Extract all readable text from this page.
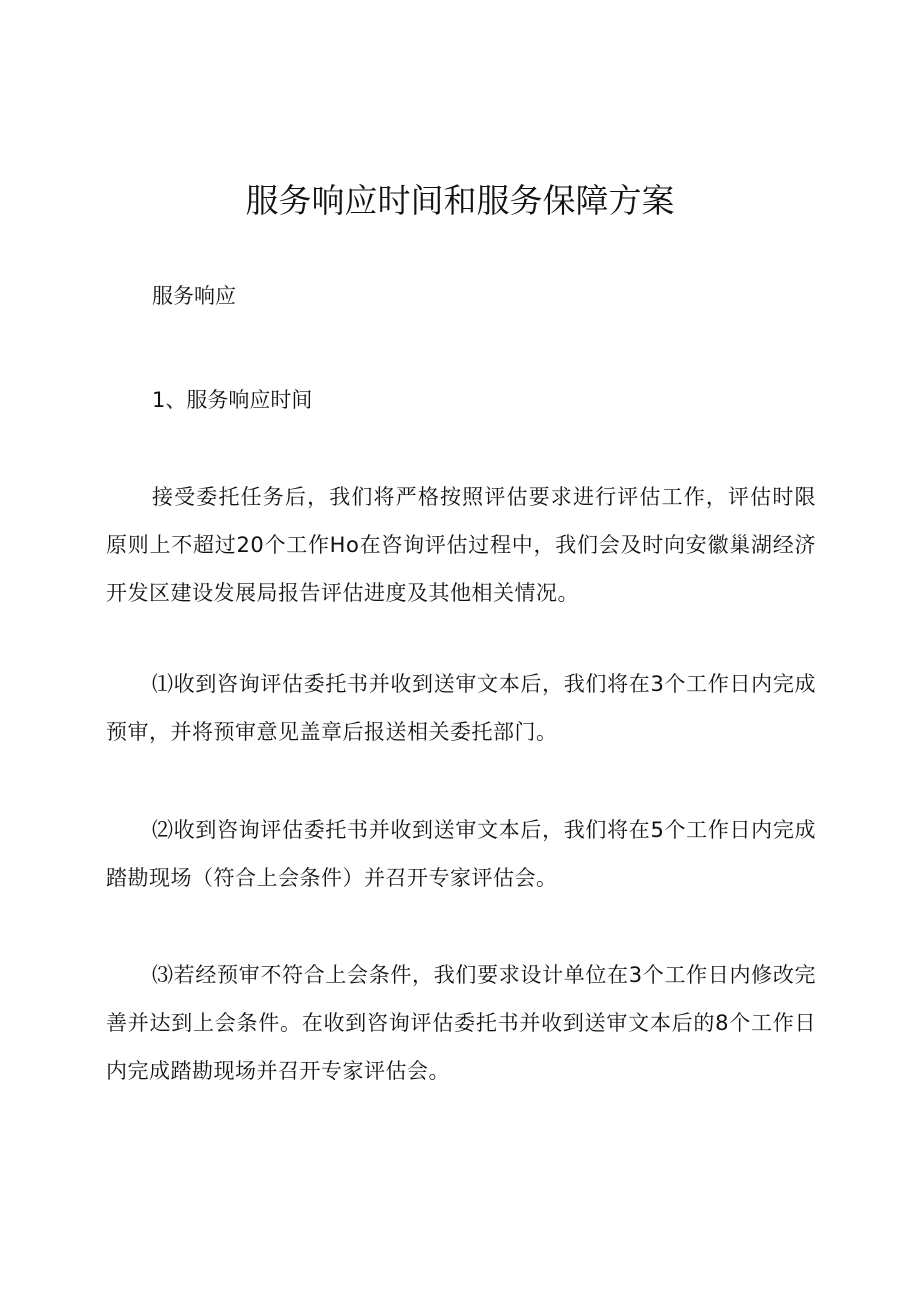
服务响应时间和服务保障方案
服务响应
1、服务响应时间
接受委托任务后，我们将严格按照评估要求进行评估工作，评估时限原则上不超过20个工作Ho在咨询评估过程中，我们会及时向安徽巢湖经济开发区建设发展局报告评估进度及其他相关情况。
⑴收到咨询评估委托书并收到送审文本后，我们将在3个工作日内完成预审，并将预审意见盖章后报送相关委托部门。
⑵收到咨询评估委托书并收到送审文本后，我们将在5个工作日内完成踏勘现场（符合上会条件）并召开专家评估会。
⑶若经预审不符合上会条件，我们要求设计单位在3个工作日内修改完善并达到上会条件。在收到咨询评估委托书并收到送审文本后的8个工作日内完成踏勘现场并召开专家评估会。
